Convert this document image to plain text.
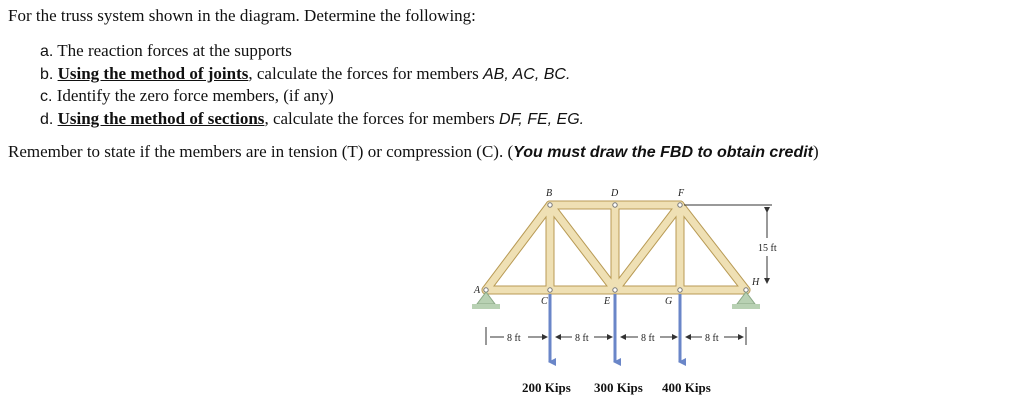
For the truss system shown in the diagram. Determine the following:
a. The reaction forces at the supports
b. Using the method of joints, calculate the forces for members AB, AC, BC.
c. Identify the zero force members, (if any)
d. Using the method of sections, calculate the forces for members DF, FE, EG.
Remember to state if the members are in tension (T) or compression (C). (You must draw the FBD to obtain credit)
A
B
C
D
E
F
G
H
15 ft
8 ft	8 ft	8 ft	8 ft
200 Kips 300 Kips 400 Kips
